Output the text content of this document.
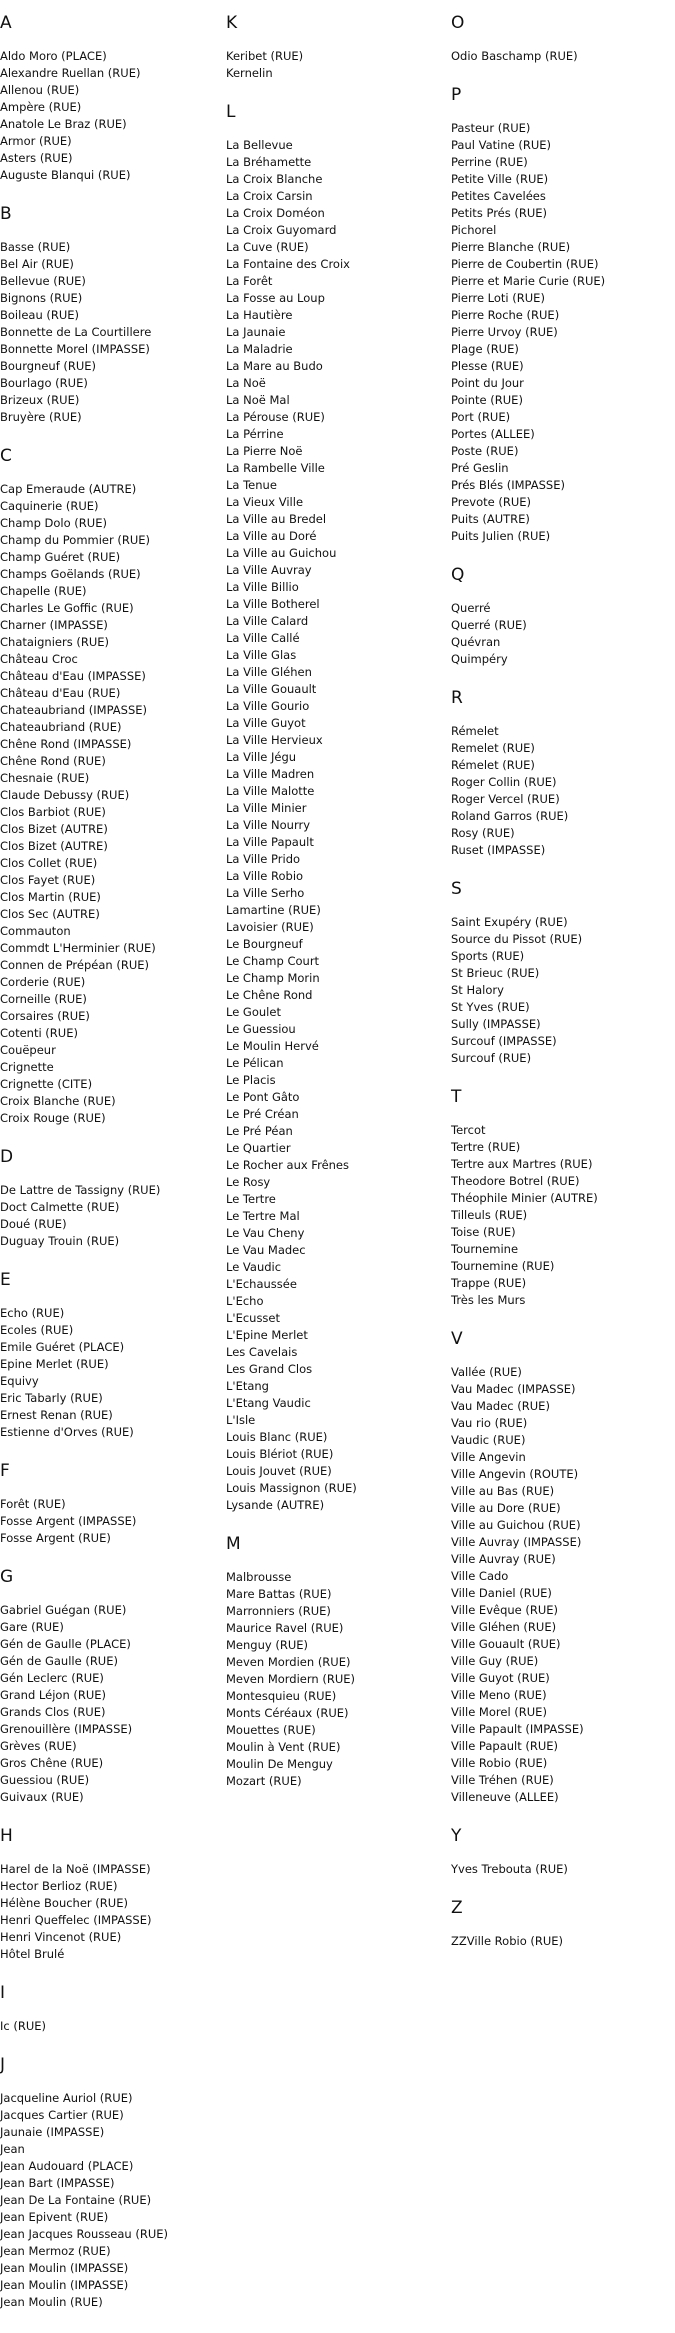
A
Aldo Moro (PLACE)
Alexandre Ruellan (RUE)
Allenou (RUE)
Ampère (RUE)
Anatole Le Braz (RUE)
Armor (RUE)
Asters (RUE)
Auguste Blanqui (RUE)
B
Basse (RUE)
Bel Air (RUE)
Bellevue (RUE)
Bignons (RUE)
Boileau (RUE)
Bonnette de La Courtillere
Bonnette Morel (IMPASSE)
Bourgneuf (RUE)
Bourlago (RUE)
Brizeux (RUE)
Bruyère (RUE)
C
Cap Emeraude (AUTRE)
Caquinerie (RUE)
Champ Dolo (RUE)
Champ du Pommier (RUE)
Champ Guéret (RUE)
Champs Goëlands (RUE)
Chapelle (RUE)
Charles Le Goffic (RUE)
Charner (IMPASSE)
Chataigniers (RUE)
Château Croc
Château d'Eau (IMPASSE)
Château d'Eau (RUE)
Chateaubriand (IMPASSE)
Chateaubriand (RUE)
Chêne Rond (IMPASSE)
Chêne Rond (RUE)
Chesnaie (RUE)
Claude Debussy (RUE)
Clos Barbiot (RUE)
Clos Bizet (AUTRE)
Clos Bizet (AUTRE)
Clos Collet (RUE)
Clos Fayet (RUE)
Clos Martin (RUE)
Clos Sec (AUTRE)
Commauton
Commdt L'Herminier (RUE)
Connen de Prépéan (RUE)
Corderie (RUE)
Corneille (RUE)
Corsaires (RUE)
Cotenti (RUE)
Couëpeur
Crignette
Crignette (CITE)
Croix Blanche (RUE)
Croix Rouge (RUE)
D
De Lattre de Tassigny (RUE)
Doct Calmette (RUE)
Doué (RUE)
Duguay Trouin (RUE)
E
Echo (RUE)
Ecoles (RUE)
Emile Guéret (PLACE)
Epine Merlet (RUE)
Equivy
Eric Tabarly (RUE)
Ernest Renan (RUE)
Estienne d'Orves (RUE)
F
Forêt (RUE)
Fosse Argent (IMPASSE)
Fosse Argent (RUE)
G
Gabriel Guégan (RUE)
Gare (RUE)
Gén de Gaulle (PLACE)
Gén de Gaulle (RUE)
Gén Leclerc (RUE)
Grand Léjon (RUE)
Grands Clos (RUE)
Grenouillère (IMPASSE)
Grèves (RUE)
Gros Chêne (RUE)
Guessiou (RUE)
Guivaux (RUE)
H
Harel de la Noë (IMPASSE)
Hector Berlioz (RUE)
Hélène Boucher (RUE)
Henri Queffelec (IMPASSE)
Henri Vincenot (RUE)
Hôtel Brulé
I
Ic (RUE)
J
Jacqueline Auriol (RUE)
Jacques Cartier (RUE)
Jaunaie (IMPASSE)
Jean
Jean Audouard (PLACE)
Jean Bart (IMPASSE)
Jean De La Fontaine (RUE)
Jean Epivent (RUE)
Jean Jacques Rousseau (RUE)
Jean Mermoz (RUE)
Jean Moulin (IMPASSE)
Jean Moulin (IMPASSE)
Jean Moulin (RUE)
K
Keribet (RUE)
Kernelin
L
La Bellevue
La Bréhamette
La Croix Blanche
La Croix Carsin
La Croix Doméon
La Croix Guyomard
La Cuve (RUE)
La Fontaine des Croix
La Forêt
La Fosse au Loup
La Hautière
La Jaunaie
La Maladrie
La Mare au Budo
La Noë
La Noë Mal
La Pérouse (RUE)
La Pérrine
La Pierre Noë
La Rambelle Ville
La Tenue
La Vieux Ville
La Ville au Bredel
La Ville au Doré
La Ville au Guichou
La Ville Auvray
La Ville Billio
La Ville Botherel
La Ville Calard
La Ville Callé
La Ville Glas
La Ville Gléhen
La Ville Gouault
La Ville Gourio
La Ville Guyot
La Ville Hervieux
La Ville Jégu
La Ville Madren
La Ville Malotte
La Ville Minier
La Ville Nourry
La Ville Papault
La Ville Prido
La Ville Robio
La Ville Serho
Lamartine (RUE)
Lavoisier (RUE)
Le Bourgneuf
Le Champ Court
Le Champ Morin
Le Chêne Rond
Le Goulet
Le Guessiou
Le Moulin Hervé
Le Pélican
Le Placis
Le Pont Gâto
Le Pré Créan
Le Pré Péan
Le Quartier
Le Rocher aux Frênes
Le Rosy
Le Tertre
Le Tertre Mal
Le Vau Cheny
Le Vau Madec
Le Vaudic
L'Echaussée
L'Echo
L'Ecusset
L'Epine Merlet
Les Cavelais
Les Grand Clos
L'Etang
L'Etang Vaudic
L'Isle
Louis Blanc (RUE)
Louis Blériot (RUE)
Louis Jouvet (RUE)
Louis Massignon (RUE)
Lysande (AUTRE)
M
Malbrousse
Mare Battas (RUE)
Marronniers (RUE)
Maurice Ravel (RUE)
Menguy (RUE)
Meven Mordien (RUE)
Meven Mordiern (RUE)
Montesquieu (RUE)
Monts Céréaux (RUE)
Mouettes (RUE)
Moulin à Vent (RUE)
Moulin De Menguy
Mozart (RUE)
O
Odio Baschamp (RUE)
P
Pasteur (RUE)
Paul Vatine (RUE)
Perrine (RUE)
Petite Ville (RUE)
Petites Cavelées
Petits Prés (RUE)
Pichorel
Pierre Blanche (RUE)
Pierre de Coubertin (RUE)
Pierre et Marie Curie (RUE)
Pierre Loti (RUE)
Pierre Roche (RUE)
Pierre Urvoy (RUE)
Plage (RUE)
Plesse (RUE)
Point du Jour
Pointe (RUE)
Port (RUE)
Portes (ALLEE)
Poste (RUE)
Pré Geslin
Prés Blés (IMPASSE)
Prevote (RUE)
Puits (AUTRE)
Puits Julien (RUE)
Q
Querré
Querré (RUE)
Quévran
Quimpéry
R
Rémelet
Remelet (RUE)
Rémelet (RUE)
Roger Collin (RUE)
Roger Vercel (RUE)
Roland Garros (RUE)
Rosy (RUE)
Ruset (IMPASSE)
S
Saint Exupéry (RUE)
Source du Pissot (RUE)
Sports (RUE)
St Brieuc (RUE)
St Halory
St Yves (RUE)
Sully (IMPASSE)
Surcouf (IMPASSE)
Surcouf (RUE)
T
Tercot
Tertre (RUE)
Tertre aux Martres (RUE)
Theodore Botrel (RUE)
Théophile Minier (AUTRE)
Tilleuls (RUE)
Toise (RUE)
Tournemine
Tournemine (RUE)
Trappe (RUE)
Très les Murs
V
Vallée (RUE)
Vau Madec (IMPASSE)
Vau Madec (RUE)
Vau rio (RUE)
Vaudic (RUE)
Ville Angevin
Ville Angevin (ROUTE)
Ville au Bas (RUE)
Ville au Dore (RUE)
Ville au Guichou (RUE)
Ville Auvray (IMPASSE)
Ville Auvray (RUE)
Ville Cado
Ville Daniel (RUE)
Ville Evêque (RUE)
Ville Gléhen (RUE)
Ville Gouault (RUE)
Ville Guy (RUE)
Ville Guyot (RUE)
Ville Meno (RUE)
Ville Morel (RUE)
Ville Papault (IMPASSE)
Ville Papault (RUE)
Ville Robio (RUE)
Ville Tréhen (RUE)
Villeneuve (ALLEE)
Y
Yves Trebouta (RUE)
Z
ZZVille Robio (RUE)
